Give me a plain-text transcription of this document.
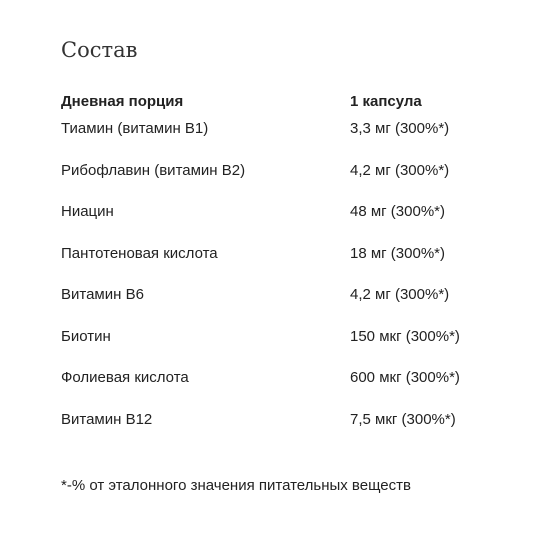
Состав
Дневная порция	1 капсула
Тиамин (витамин B1)	3,3 мг (300%*)
Рибофлавин (витамин B2)	4,2 мг (300%*)
Ниацин	48 мг (300%*)
Пантотеновая кислота	18 мг (300%*)
Витамин B6	4,2 мг (300%*)
Биотин	150 мкг (300%*)
Фолиевая кислота	600 мкг (300%*)
Витамин B12	7,5 мкг (300%*)
*-% от эталонного значения питательных веществ
